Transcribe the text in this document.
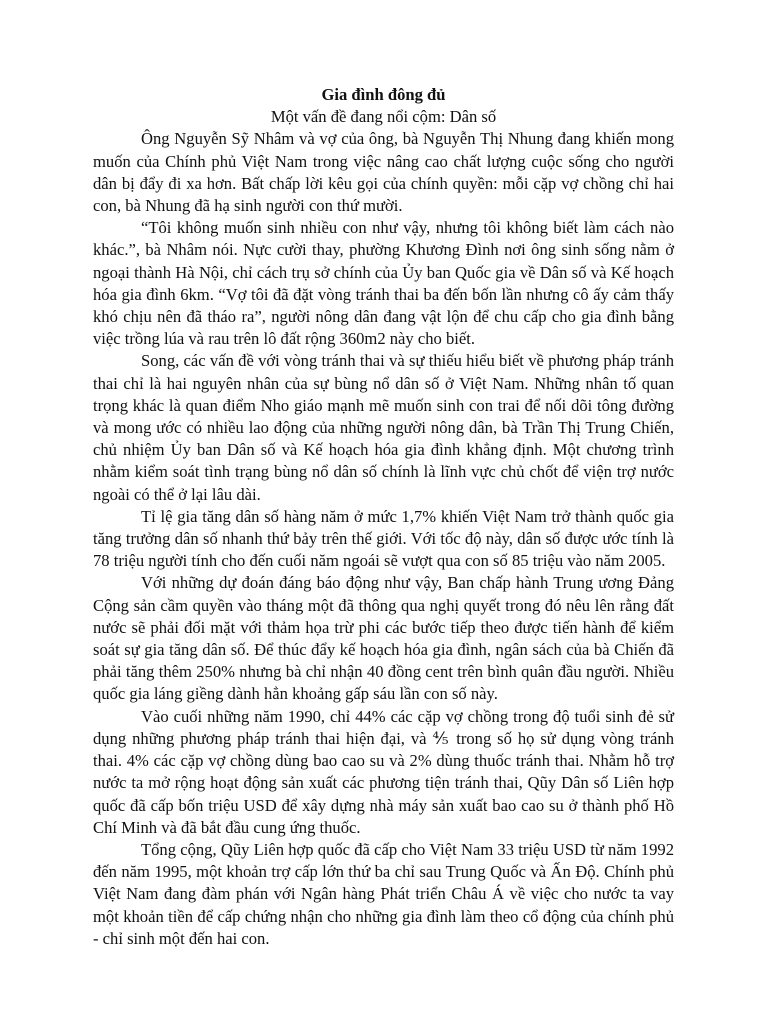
Gia đình đông đủ

Một vấn đề đang nổi cộm: Dân số

Ông Nguyễn Sỹ Nhâm và vợ của ông, bà Nguyễn Thị Nhung đang khiến mong muốn của Chính phủ Việt Nam trong việc nâng cao chất lượng cuộc sống cho người dân bị đẩy đi xa hơn. Bất chấp lời kêu gọi của chính quyền: mỗi cặp vợ chồng chỉ hai con, bà Nhung đã hạ sinh người con thứ mười.

“Tôi không muốn sinh nhiều con như vậy, nhưng tôi không biết làm cách nào khác.”, bà Nhâm nói. Nực cười thay, phường Khương Đình nơi ông sinh sống nằm ở ngoại thành Hà Nội, chỉ cách trụ sở chính của Ủy ban Quốc gia về Dân số và Kế hoạch hóa gia đình 6km. “Vợ tôi đã đặt vòng tránh thai ba đến bốn lần nhưng cô ấy cảm thấy khó chịu nên đã tháo ra”, người nông dân đang vật lộn để chu cấp cho gia đình bằng việc trồng lúa và rau trên lô đất rộng 360m2 này cho biết.

Song, các vấn đề với vòng tránh thai và sự thiếu hiểu biết về phương pháp tránh thai chỉ là hai nguyên nhân của sự bùng nổ dân số ở Việt Nam. Những nhân tố quan trọng khác là quan điểm Nho giáo mạnh mẽ muốn sinh con trai để nối dõi tông đường và mong ước có nhiều lao động của những người nông dân, bà Trần Thị Trung Chiến, chủ nhiệm Ủy ban Dân số và Kế hoạch hóa gia đình khẳng định. Một chương trình nhằm kiểm soát tình trạng bùng nổ dân số chính là lĩnh vực chủ chốt để viện trợ nước ngoài có thể ở lại lâu dài.

Tỉ lệ gia tăng dân số hàng năm ở mức 1,7% khiến Việt Nam trở thành quốc gia tăng trưởng dân số nhanh thứ bảy trên thế giới. Với tốc độ này, dân số được ước tính là 78 triệu người tính cho đến cuối năm ngoái sẽ vượt qua con số 85 triệu vào năm 2005.

Với những dự đoán đáng báo động như vậy, Ban chấp hành Trung ương Đảng Cộng sản cầm quyền vào tháng một đã thông qua nghị quyết trong đó nêu lên rằng đất nước sẽ phải đối mặt với thảm họa trừ phi các bước tiếp theo được tiến hành để kiểm soát sự gia tăng dân số. Để thúc đẩy kế hoạch hóa gia đình, ngân sách của bà Chiến đã phải tăng thêm 250% nhưng bà chỉ nhận 40 đồng cent trên bình quân đầu người. Nhiều quốc gia láng giềng dành hẳn khoảng gấp sáu lần con số này.

Vào cuối những năm 1990, chỉ 44% các cặp vợ chồng trong độ tuổi sinh đẻ sử dụng những phương pháp tránh thai hiện đại, và ⅘ trong số họ sử dụng vòng tránh thai. 4% các cặp vợ chồng dùng bao cao su và 2% dùng thuốc tránh thai. Nhằm hỗ trợ nước ta mở rộng hoạt động sản xuất các phương tiện tránh thai, Qũy Dân số Liên hợp quốc đã cấp bốn triệu USD để xây dựng nhà máy sản xuất bao cao su ở thành phố Hồ Chí Minh và đã bắt đầu cung ứng thuốc.

Tổng cộng, Qũy Liên hợp quốc đã cấp cho Việt Nam 33 triệu USD từ năm 1992 đến năm 1995, một khoản trợ cấp lớn thứ ba chỉ sau Trung Quốc và Ấn Độ. Chính phủ Việt Nam đang đàm phán với Ngân hàng Phát triển Châu Á về việc cho nước ta vay một khoản tiền để cấp chứng nhận cho những gia đình làm theo cổ động của chính phủ - chỉ sinh một đến hai con.
